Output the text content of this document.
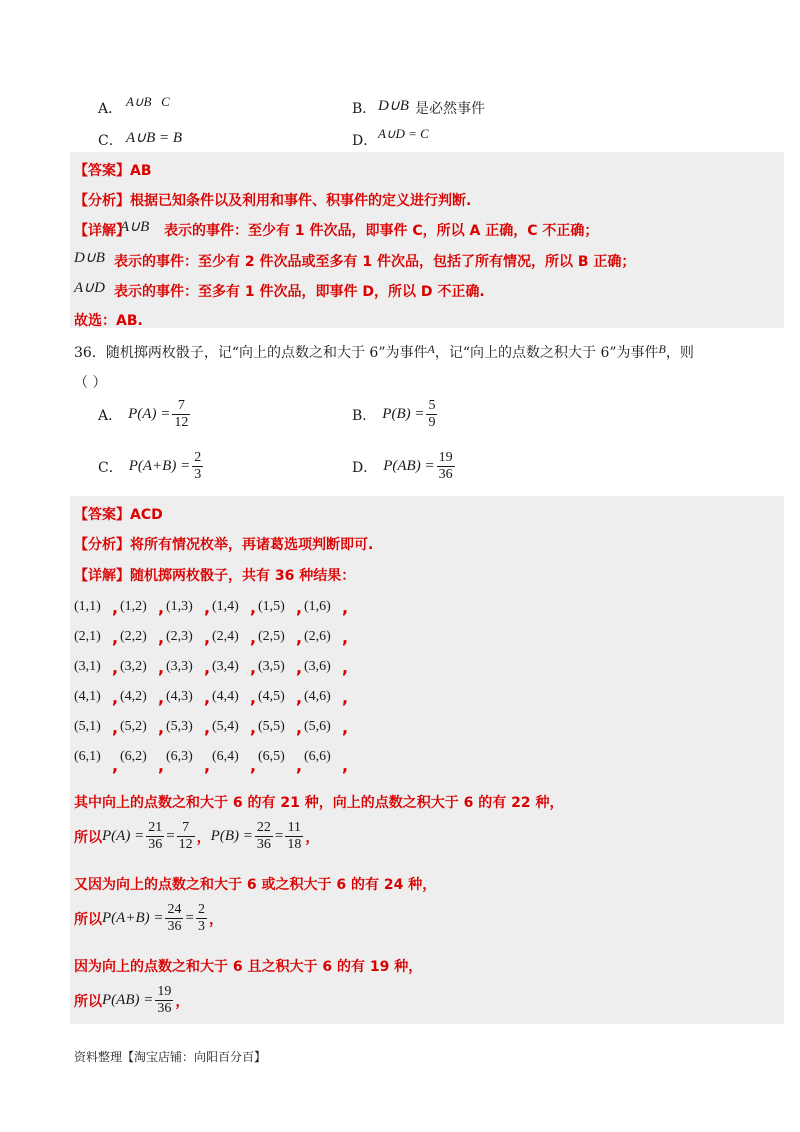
A． A∪B   C	B． D∪B 是必然事件
C． A∪B = B	D． A∪D = C
【答案】AB
【分析】根据已知条件以及利用和事件、积事件的定义进行判断.
【详解】
A∪B 表示的事件：至少有 1 件次品，即事件 C，所以 A 正确，C 不正确；
D∪B 表示的事件：至少有 2 件次品或至多有 1 件次品，包括了所有情况，所以 B 正确；
A∪D 表示的事件：至多有 1 件次品，即事件 D，所以 D 不正确.
故选：AB.
36．随机掷两枚骰子，记“向上的点数之和大于 6”为事件A，记“向上的点数之积大于 6”为事件B，则
（ ）
A． $P(A) = \frac{7}{12}$	B． $P(B) = \frac{5}{9}$
C． $P(A+B) = \frac{2}{3}$	D． $P(AB) = \frac{19}{36}$
【答案】ACD
【分析】将所有情况枚举，再诸葛选项判断即可.
【详解】随机掷两枚骰子，共有 36 种结果：
(1,1) , (1,2) , (1,3) , (1,4) , (1,5) , (1,6) ,
(2,1) , (2,2) , (2,3) , (2,4) , (2,5) , (2,6) ,
(3,1) , (3,2) , (3,3) , (3,4) , (3,5) , (3,6) ,
(4,1) , (4,2) , (4,3) , (4,4) , (4,5) , (4,6) ,
(5,1) , (5,2) , (5,3) , (5,4) , (5,5) , (5,6) ,
(6,1) , (6,2) , (6,3) , (6,4) , (6,5) , (6,6) ,
其中向上的点数之和大于 6 的有 21 种，向上的点数之积大于 6 的有 22 种，
所以 $P(A) = \frac{21}{36} = \frac{7}{12}$ ， $P(B) = \frac{22}{36} = \frac{11}{18}$ ，
又因为向上的点数之和大于 6 或之积大于 6 的有 24 种，
所以 $P(A+B) = \frac{24}{36} = \frac{2}{3}$ ，
因为向上的点数之和大于 6 且之积大于 6 的有 19 种，
所以 $P(AB) = \frac{19}{36}$ ，
资料整理【淘宝店铺：向阳百分百】
